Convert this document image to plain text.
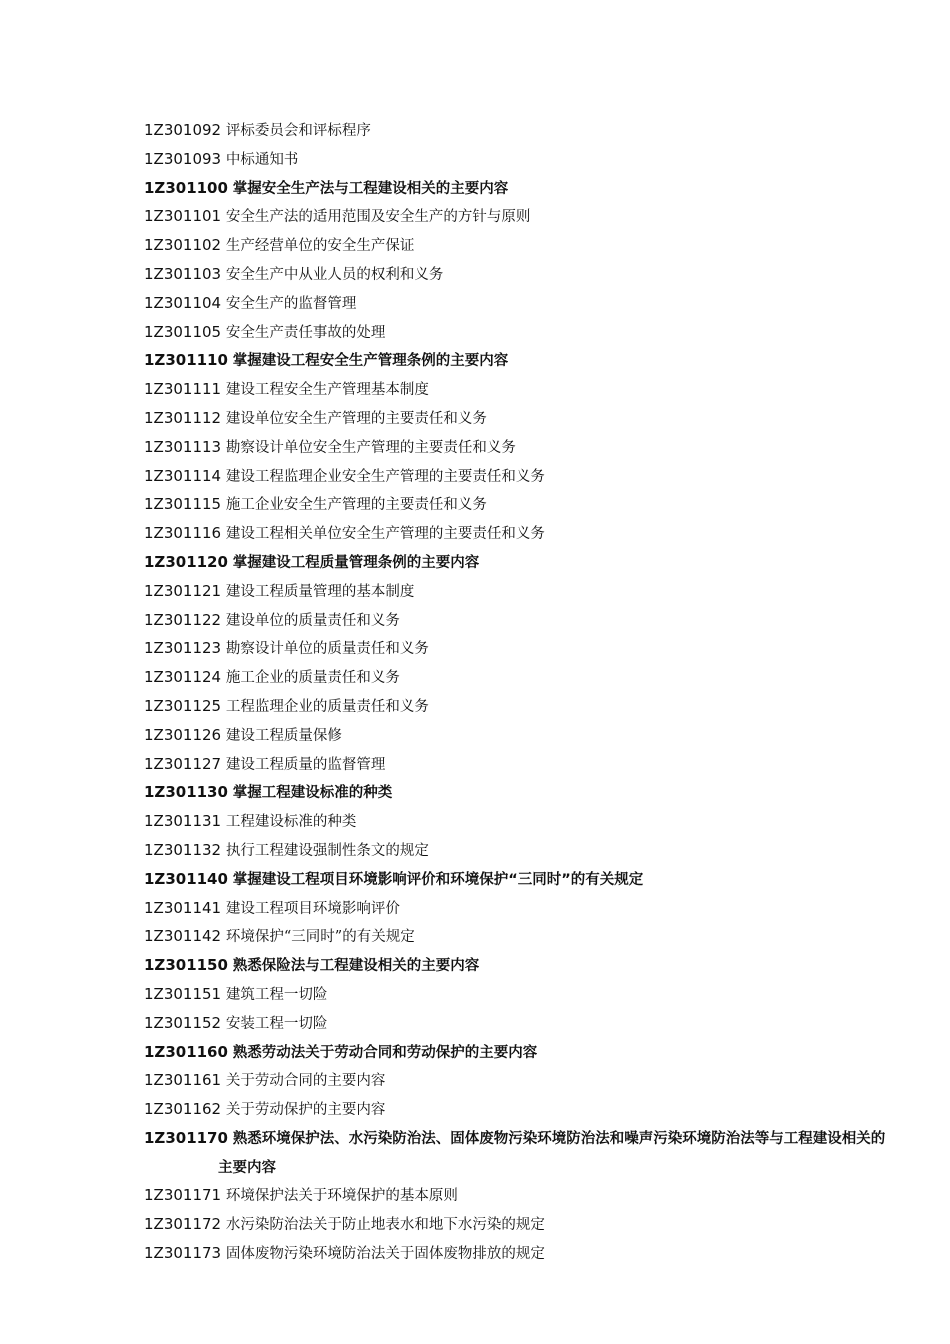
1Z301092 评标委员会和评标程序
1Z301093 中标通知书
1Z301100 掌握安全生产法与工程建设相关的主要内容
1Z301101 安全生产法的适用范围及安全生产的方针与原则
1Z301102 生产经营单位的安全生产保证
1Z301103 安全生产中从业人员的权利和义务
1Z301104 安全生产的监督管理
1Z301105 安全生产责任事故的处理
1Z301110 掌握建设工程安全生产管理条例的主要内容
1Z301111 建设工程安全生产管理基本制度
1Z301112 建设单位安全生产管理的主要责任和义务
1Z301113 勘察设计单位安全生产管理的主要责任和义务
1Z301114 建设工程监理企业安全生产管理的主要责任和义务
1Z301115 施工企业安全生产管理的主要责任和义务
1Z301116 建设工程相关单位安全生产管理的主要责任和义务
1Z301120 掌握建设工程质量管理条例的主要内容
1Z301121 建设工程质量管理的基本制度
1Z301122 建设单位的质量责任和义务
1Z301123 勘察设计单位的质量责任和义务
1Z301124 施工企业的质量责任和义务
1Z301125 工程监理企业的质量责任和义务
1Z301126 建设工程质量保修
1Z301127 建设工程质量的监督管理
1Z301130 掌握工程建设标准的种类
1Z301131 工程建设标准的种类
1Z301132 执行工程建设强制性条文的规定
1Z301140 掌握建设工程项目环境影响评价和环境保护“三同时”的有关规定
1Z301141 建设工程项目环境影响评价
1Z301142 环境保护“三同时”的有关规定
1Z301150 熟悉保险法与工程建设相关的主要内容
1Z301151 建筑工程一切险
1Z301152 安装工程一切险
1Z301160 熟悉劳动法关于劳动合同和劳动保护的主要内容
1Z301161 关于劳动合同的主要内容
1Z301162 关于劳动保护的主要内容
1Z301170 熟悉环境保护法、水污染防治法、固体废物污染环境防治法和噪声污染环境防治法等与工程建设相关的主要内容
1Z301171 环境保护法关于环境保护的基本原则
1Z301172 水污染防治法关于防止地表水和地下水污染的规定
1Z301173 固体废物污染环境防治法关于固体废物排放的规定
